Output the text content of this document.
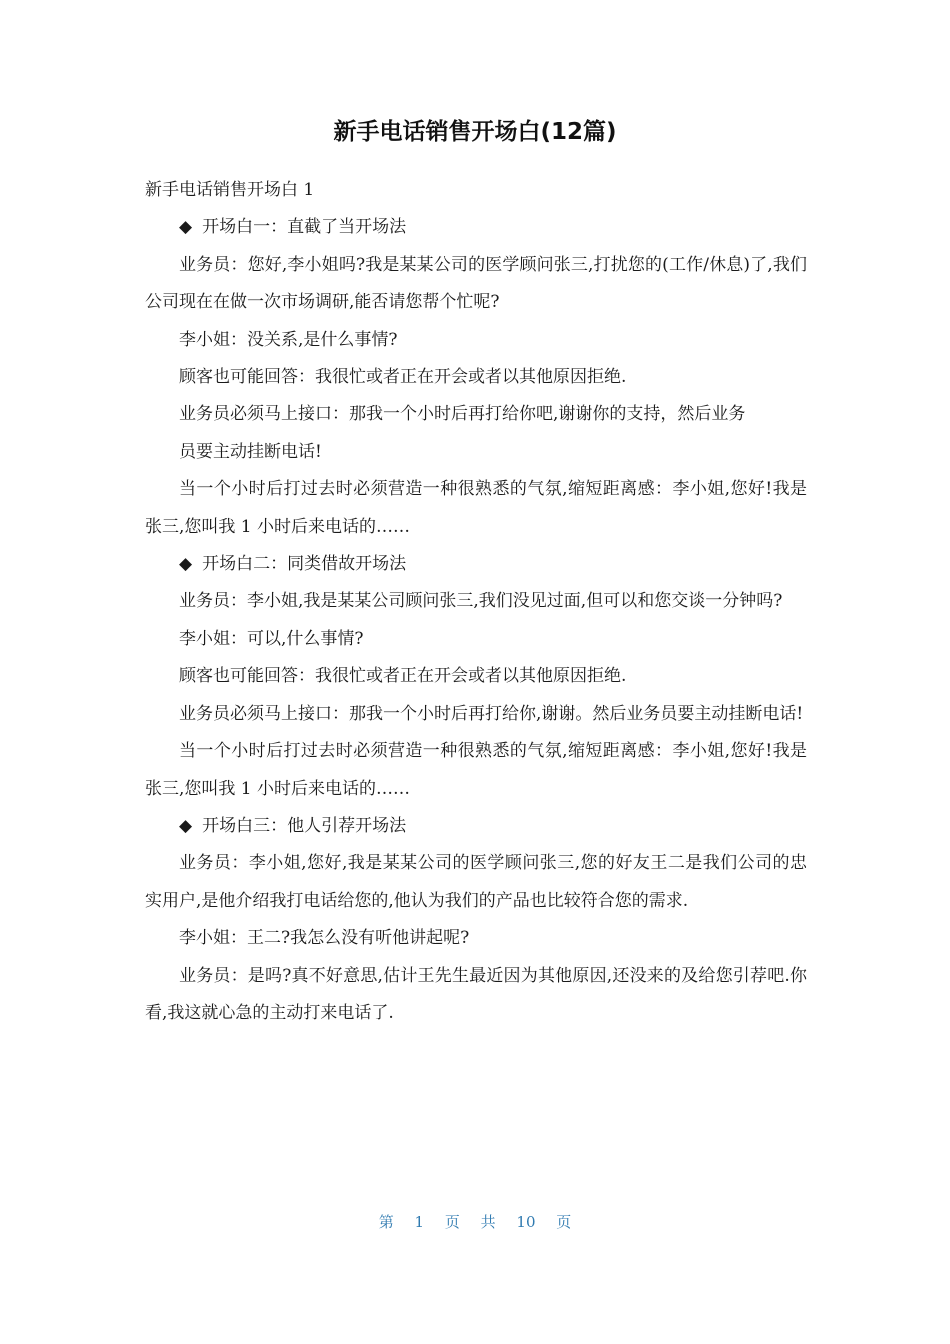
新手电话销售开场白(12篇)

新手电话销售开场白 1

◆ 开场白一：直截了当开场法

业务员：您好,李小姐吗?我是某某公司的医学顾问张三,打扰您的(工作/休息)了,我们公司现在在做一次市场调研,能否请您帮个忙呢?

李小姐：没关系,是什么事情?

顾客也可能回答：我很忙或者正在开会或者以其他原因拒绝.

业务员必须马上接口：那我一个小时后再打给你吧,谢谢你的支持，然后业务

员要主动挂断电话!

当一个小时后打过去时必须营造一种很熟悉的气氛,缩短距离感：李小姐,您好!我是张三,您叫我 1 小时后来电话的……

◆ 开场白二：同类借故开场法

业务员：李小姐,我是某某公司顾问张三,我们没见过面,但可以和您交谈一分钟吗?

李小姐：可以,什么事情?

顾客也可能回答：我很忙或者正在开会或者以其他原因拒绝.

业务员必须马上接口：那我一个小时后再打给你,谢谢。然后业务员要主动挂断电话!

当一个小时后打过去时必须营造一种很熟悉的气氛,缩短距离感：李小姐,您好!我是张三,您叫我 1 小时后来电话的……

◆ 开场白三：他人引荐开场法

业务员：李小姐,您好,我是某某公司的医学顾问张三,您的好友王二是我们公司的忠实用户,是他介绍我打电话给您的,他认为我们的产品也比较符合您的需求.

李小姐：王二?我怎么没有听他讲起呢?

业务员：是吗?真不好意思,估计王先生最近因为其他原因,还没来的及给您引荐吧.你看,我这就心急的主动打来电话了.

第 1 页 共 10 页
